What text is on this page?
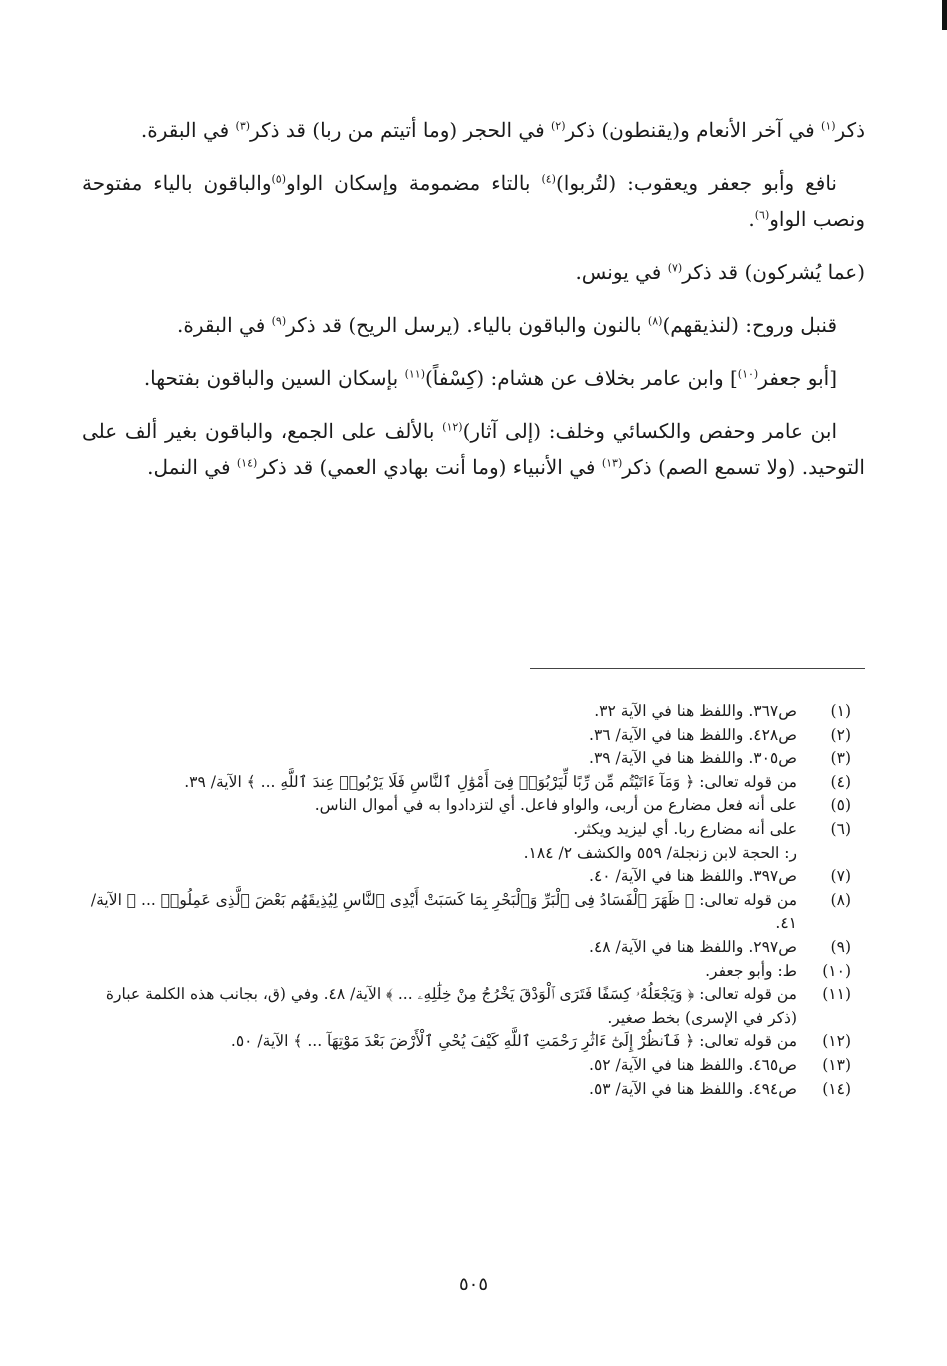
ذكر$^{(١)}$ في آخر الأنعام و(يقنطون) ذكر$^{(٢)}$ في الحجر (وما أتيتم من ربا) قد ذكر$^{(٣)}$ في البقرة.

نافع وأبو جعفر ويعقوب: (لتُربوا)$^{(٤)}$ بالتاء مضمومة وإسكان الواو$^{(٥)}$والباقون بالياء مفتوحة ونصب الواو$^{(٦)}$.

(عما يُشركون) قد ذكر$^{(٧)}$ في يونس.

قنبل وروح: (لنذيقهم)$^{(٨)}$ بالنون والباقون بالياء. (يرسل الريح) قد ذكر$^{(٩)}$ في البقرة.

[أبو جعفر$^{(١٠)}$] وابن عامر بخلاف عن هشام: (كِسْفاً)$^{(١١)}$ بإسكان السين والباقون بفتحها.

ابن عامر وحفص والكسائي وخلف: (إلى آثار)$^{(١٢)}$ بالألف على الجمع، والباقون بغير ألف على التوحيد. (ولا تسمع الصم) ذكر$^{(١٣)}$ في الأنبياء (وما أنت بهادي العمي) قد ذكر$^{(١٤)}$ في النمل.

(١)
ص٣٦٧. واللفظ هنا في الآية ٣٢.
(٢)
ص٤٢٨. واللفظ هنا في الآية/ ٣٦.
(٣)
ص٣٠٥. واللفظ هنا في الآية/ ٣٩.
(٤)
من قوله تعالى: ﴿ وَمَآ ءَاتَيْتُم مِّن رِّبًا لِّيَرْبُوَا۟ فِىٓ أَمْوَٰلِ ٱلنَّاسِ فَلَا يَرْبُوا۟ عِندَ ٱللَّهِ ... ﴾ الآية/ ٣٩.
(٥)
على أنه فعل مضارع من أربى، والواو فاعل. أي لتزدادوا به في أموال الناس.
(٦)
على أنه مضارع ربا. أي ليزيد ويكثر.
ر: الحجة لابن زنجلة/ ٥٥٩ والكشف ٢/ ١٨٤.
(٧)
ص٣٩٧. واللفظ هنا في الآية/ ٤٠.
(٨)
من قوله تعالى: ﴿ ظَهَرَ ٱلْفَسَادُ فِى ٱلْبَرِّ وَٱلْبَحْرِ بِمَا كَسَبَتْ أَيْدِى ٱلنَّاسِ لِيُذِيقَهُم بَعْضَ ٱلَّذِى عَمِلُوا۟ ... ﴾ الآية/ ٤١.
(٩)
ص٢٩٧. واللفظ هنا في الآية/ ٤٨.
(١٠)
ط: وأبو جعفر.
(١١)
من قوله تعالى: ﴿ وَيَجْعَلُهُۥ كِسَفًا فَتَرَى ٱلْوَدْقَ يَخْرُجُ مِنْ خِلَٰلِهِۦ ... ﴾ الآية/ ٤٨. وفي (ق، بجانب هذه الكلمة عبارة (ذكر في الإسرى) بخط صغير.
(١٢)
من قوله تعالى: ﴿ فَٱنظُرْ إِلَىٰٓ ءَاثَٰرِ رَحْمَتِ ٱللَّهِ كَيْفَ يُحْىِ ٱلْأَرْضَ بَعْدَ مَوْتِهَآ ... ﴾ الآية/ ٥٠.
(١٣)
ص٤٦٥. واللفظ هنا في الآية/ ٥٢.
(١٤)
ص٤٩٤. واللفظ هنا في الآية/ ٥٣.
٥٠٥
